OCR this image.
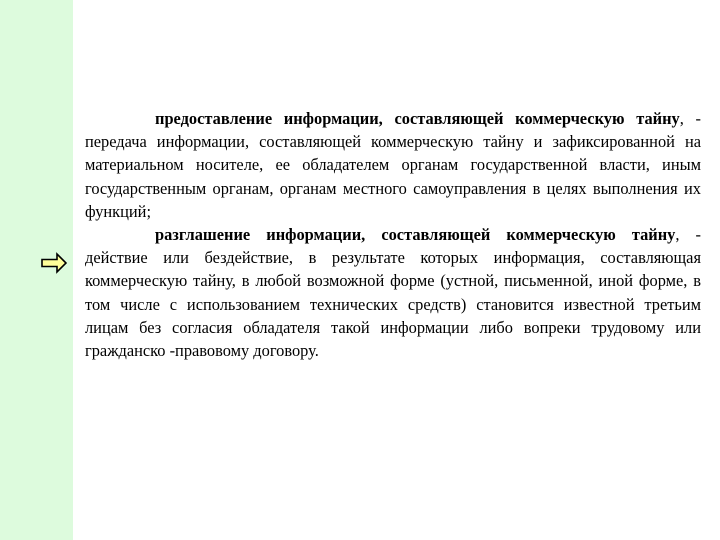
предоставление информации, составляющей коммерческую тайну, - передача информации, составляющей коммерческую тайну и зафиксированной на материальном носителе, ее обладателем органам государственной власти, иным государственным органам, органам местного самоуправления в целях выполнения их функций;

разглашение информации, составляющей коммерческую тайну, - действие или бездействие, в результате которых информация, составляющая коммерческую тайну, в любой возможной форме (устной, письменной, иной форме, в том числе с использованием технических средств) становится известной третьим лицам без согласия обладателя такой информации либо вопреки трудовому или гражданско -правовому договору.
